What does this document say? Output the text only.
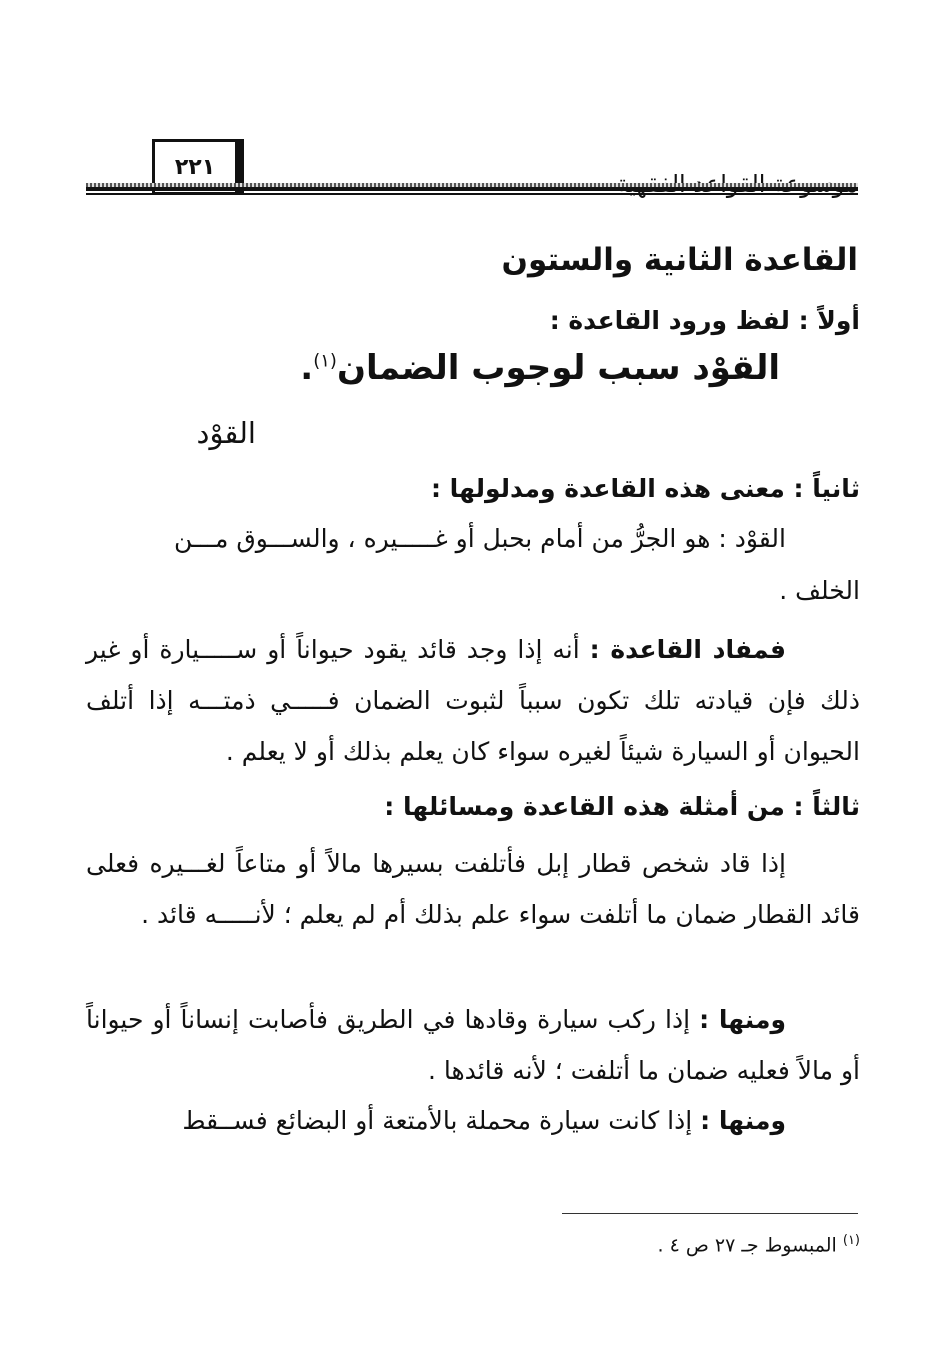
٢٢١
القاعدة الثانية والستون
أولاً : لفظ ورود القاعدة :
القوْد سبب لوجوب الضمان$^{(١)}$.
القوْد
ثانياً : معنى هذه القاعدة ومدلولها :
القوْد : هو الجرُّ من أمام بحبل أو غـــــيره ، والســـوق مـــن
الخلف .
فمفاد القاعدة : أنه إذا وجد قائد يقود حيواناً أو ســـــيارة أو غير ذلك فإن قيادته تلك تكون سبباً لثبوت الضمان فـــــي ذمتـــه إذا أتلف الحيوان أو السيارة شيئاً لغيره سواء كان يعلم بذلك أو لا يعلم .
ثالثاً : من أمثلة هذه القاعدة ومسائلها :
إذا قاد شخص قطار إبل فأتلفت بسيرها مالاً أو متاعاً لغـــيره فعلى قائد القطار ضمان ما أتلفت سواء علم بذلك أم لم يعلم ؛ لأنـــــه قائد .
ومنها : إذا ركب سيارة وقادها في الطريق فأصابت إنساناً أو حيواناً أو مالاً فعليه ضمان ما أتلفت ؛ لأنه قائدها .
ومنها : إذا كانت سيارة محملة بالأمتعة أو البضائع فســقط
$^{(١)}$ المبسوط جـ ٢٧ ص ٤ .
